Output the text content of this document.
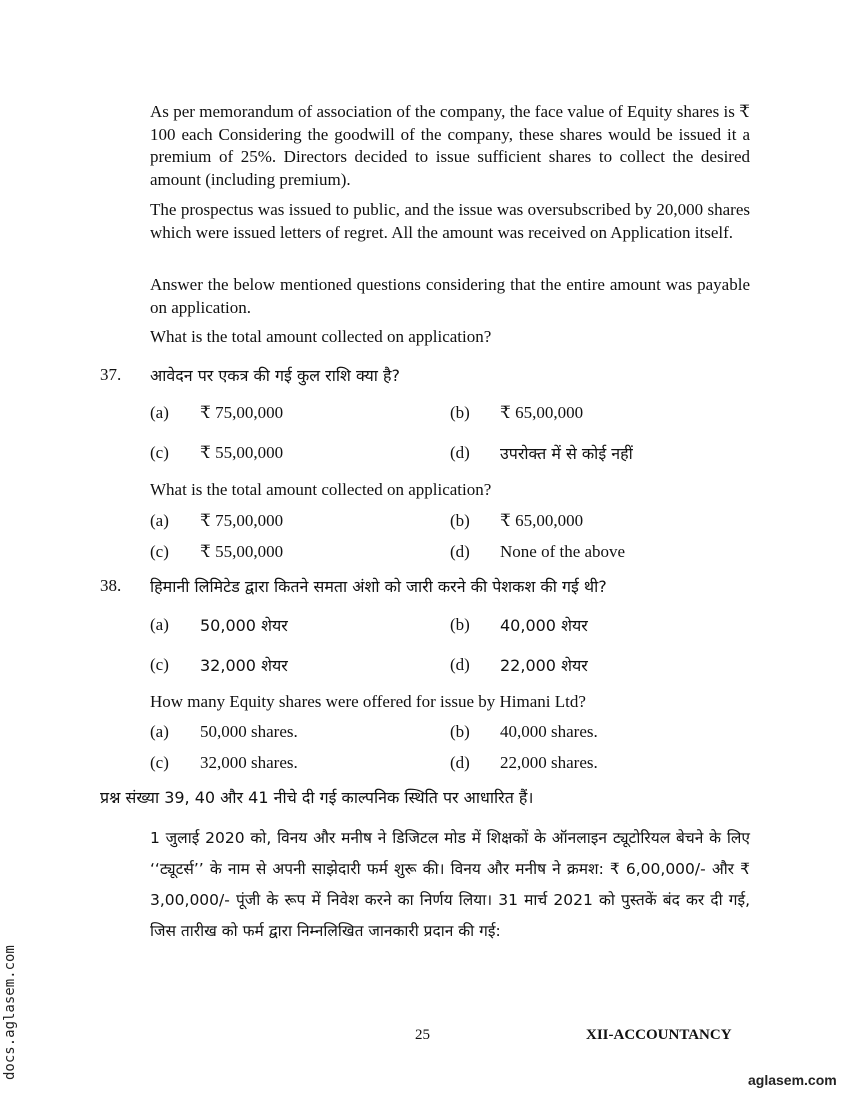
As per memorandum of association of the company, the face value of Equity shares is ₹ 100 each Considering the goodwill of the company, these shares would be issued it a premium of 25%. Directors decided to issue sufficient shares to collect the desired amount (including premium).

The prospectus was issued to public, and the issue was oversubscribed by 20,000 shares which were issued letters of regret. All the amount was received on Application itself.

Answer the below mentioned questions considering that the entire amount was payable on application.

What is the total amount collected on application?

37. आवेदन पर एकत्र की गई कुल राशि क्या है?
(a) ₹ 75,00,000	(b) ₹ 65,00,000
(c) ₹ 55,00,000	(d) उपरोक्त में से कोई नहीं
What is the total amount collected on application?
(a) ₹ 75,00,000	(b) ₹ 65,00,000
(c) ₹ 55,00,000	(d) None of the above
38. हिमानी लिमिटेड द्वारा कितने समता अंशो को जारी करने की पेशकश की गई थी?
(a) 50,000 शेयर	(b) 40,000 शेयर
(c) 32,000 शेयर	(d) 22,000 शेयर
How many Equity shares were offered for issue by Himani Ltd?
(a) 50,000 shares.	(b) 40,000 shares.
(c) 32,000 shares.	(d) 22,000 shares.
प्रश्न संख्या 39, 40 और 41 नीचे दी गई काल्पनिक स्थिति पर आधारित हैं।

1 जुलाई 2020 को, विनय और मनीष ने डिजिटल मोड में शिक्षकों के ऑनलाइन ट्यूटोरियल बेचने के लिए ‘‘ट्यूटर्स’’ के नाम से अपनी साझेदारी फर्म शुरू की। विनय और मनीष ने क्रमश: ₹ 6,00,000/- और ₹ 3,00,000/- पूंजी के रूप में निवेश करने का निर्णय लिया। 31 मार्च 2021 को पुस्तकें बंद कर दी गई, जिस तारीख को फर्म द्वारा निम्नलिखित जानकारी प्रदान की गई:

25	XII-ACCOUNTANCY
docs.aglasem.com	aglasem.com
